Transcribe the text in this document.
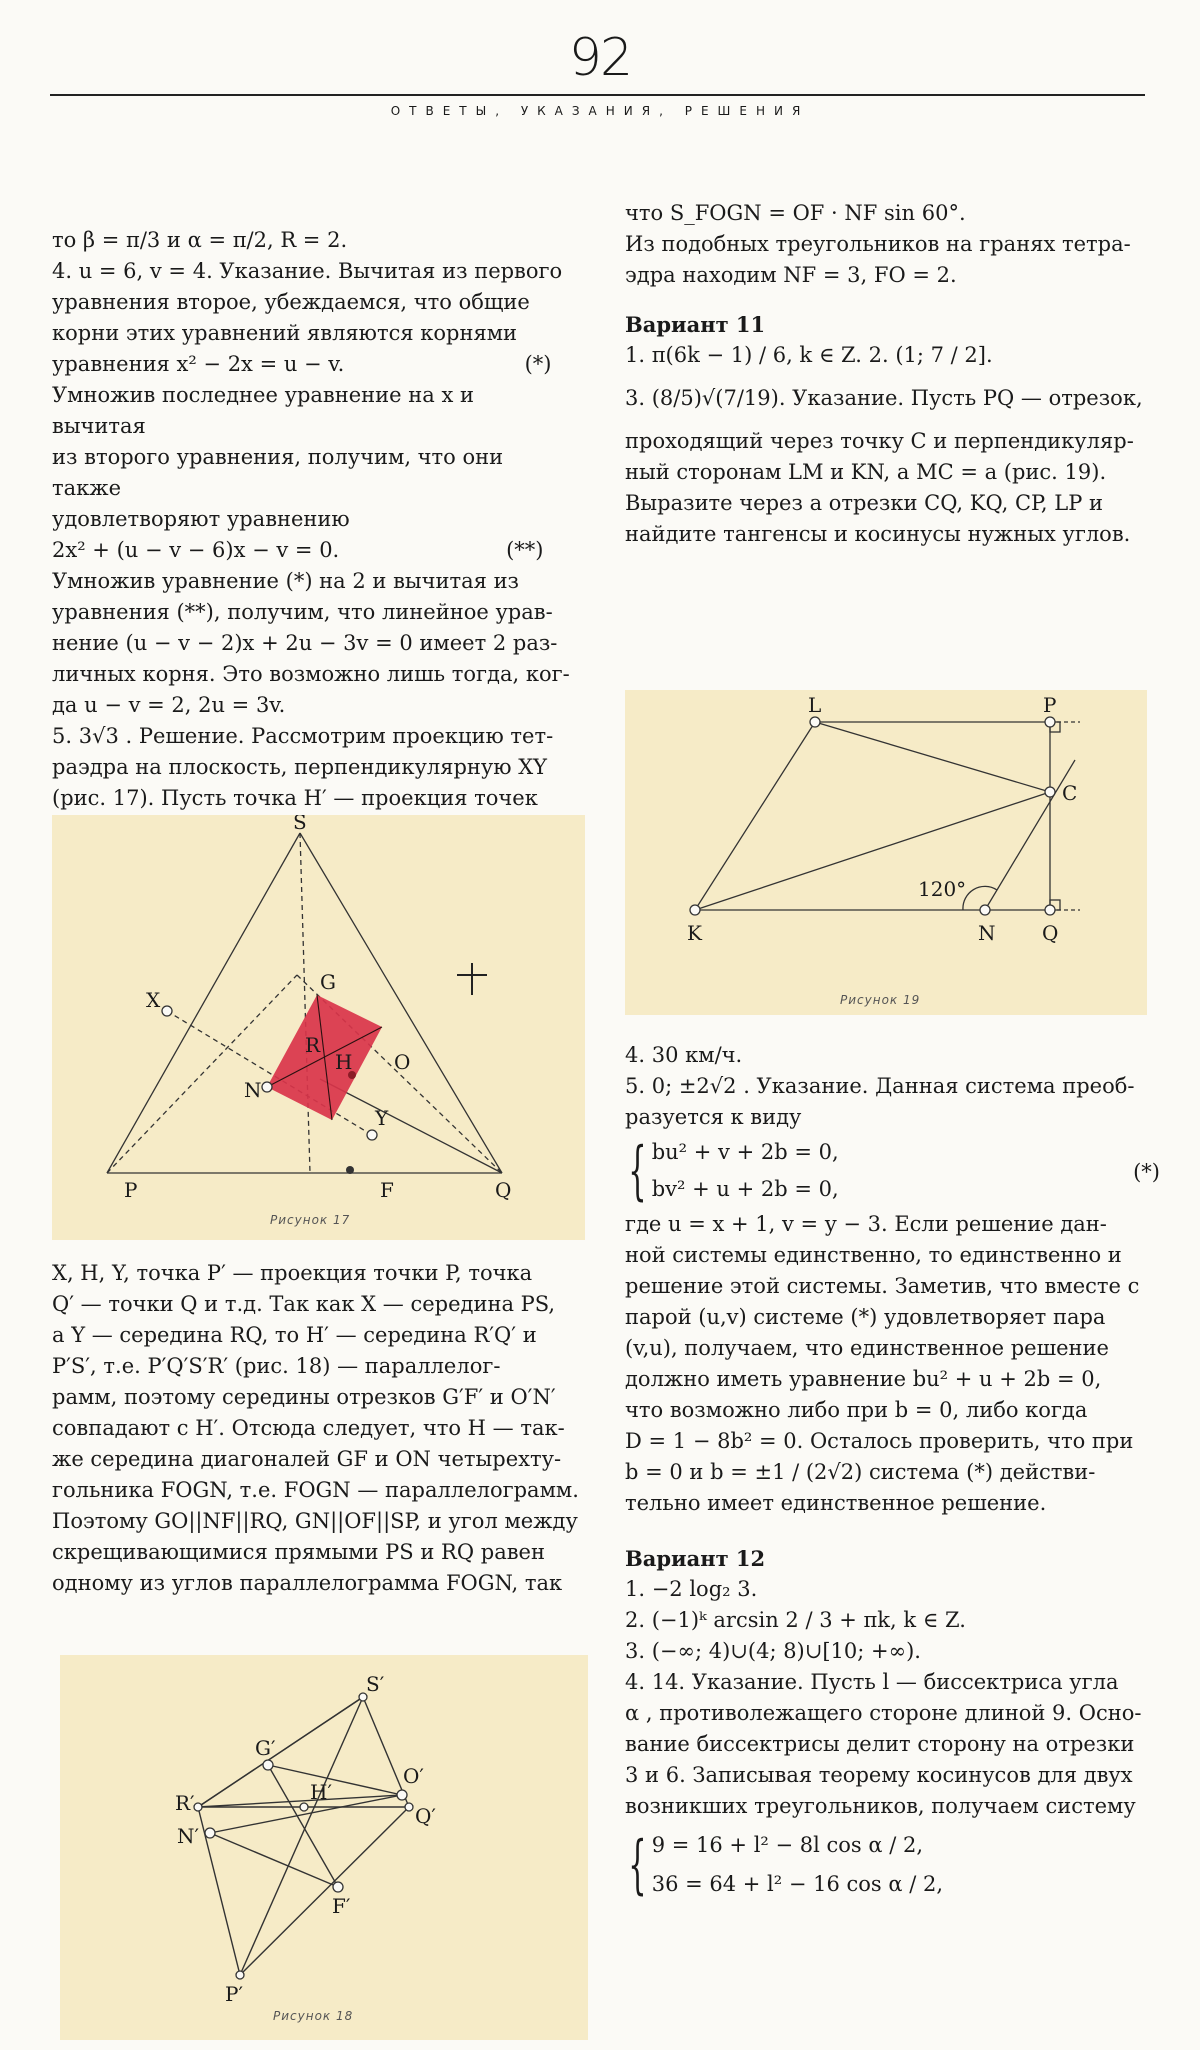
92
ОТВЕТЫ, УКАЗАНИЯ, РЕШЕНИЯ

то β = π/3 и α = π/2, R = 2.

4. u = 6, v = 4. Указание. Вычитая из первого

уравнения второе, убеждаемся, что общие

корни этих уравнений являются корнями

уравнения x² − 2x = u − v.                           (*)

Умножив последнее уравнение на x и вычитая

из второго уравнения, получим, что они также

удовлетворяют уравнению

2x² + (u − v − 6)x − v = 0.                         (**)

Умножив уравнение (*) на 2 и вычитая из

уравнения (**), получим, что линейное урав-

нение (u − v − 2)x + 2u − 3v = 0 имеет 2 раз-

личных корня. Это возможно лишь тогда, ког-

да u − v = 2, 2u = 3v.

5. 3√3 . Решение. Рассмотрим проекцию тет-

раэдра на плоскость, перпендикулярную XY

(рис. 17). Пусть точка H′ — проекция точек

S
X
G
R
H O
N
Y
P	F	Q
Рисунок 17

X, H, Y, точка P′ — проекция точки P, точка

Q′ — точки Q и т.д. Так как X — середина PS,

а Y — середина RQ, то H′ — середина R′Q′ и

P′S′, т.е. P′Q′S′R′ (рис. 18) — параллелог-

рамм, поэтому середины отрезков G′F′ и O′N′

совпадают с H′. Отсюда следует, что H — так-

же середина диагоналей GF и ON четырехту-

гольника FOGN, т.е. FOGN — параллелограмм.

Поэтому GO||NF||RQ, GN||OF||SP, и угол между

скрещивающимися прямыми PS и RQ равен

одному из углов параллелограмма FOGN, так

S′
G′
O′
R′	H′
Q′
N′
F′
P′
Рисунок 18

что S_FOGN = OF · NF sin 60°.

Из подобных треугольников на гранях тетра-

эдра находим NF = 3, FO = 2.

Вариант 11

1. π(6k − 1) / 6, k ∈ Z. 2. (1; 7 / 2].

3. (8/5)√(7/19). Указание. Пусть PQ — отрезок,

проходящий через точку C и перпендикуляр-

ный сторонам LM и KN, а MC = a (рис. 19).

Выразите через a отрезки CQ, KQ, CP, LP и

найдите тангенсы и косинусы нужных углов.

L	P
C
K	N Q
120°
Рисунок 19

4. 30 км/ч.

5. 0; ±2√2 . Указание. Данная система преоб-

разуется к виду

{ bu² + v + 2b = 0,

bv² + u + 2b = 0,

(*)

где u = x + 1, v = y − 3. Если решение дан-

ной системы единственно, то единственно и

решение этой системы. Заметив, что вместе с

парой (u,v) системе (*) удовлетворяет пара

(v,u), получаем, что единственное решение

должно иметь уравнение bu² + u + 2b = 0,

что возможно либо при b = 0, либо когда

D = 1 − 8b² = 0. Осталось проверить, что при

b = 0 и b = ±1 / (2√2) система (*) действи-

тельно имеет единственное решение.

Вариант 12

1. −2 log₂ 3.

2. (−1)ᵏ arcsin 2 / 3 + πk, k ∈ Z.

3. (−∞; 4)∪(4; 8)∪[10; +∞).

4. 14. Указание. Пусть l — биссектриса угла

α , противолежащего стороне длиной 9. Осно-

вание биссектрисы делит сторону на отрезки

3 и 6. Записывая теорему косинусов для двух

возникших треугольников, получаем систему

{ 9 = 16 + l² − 8l cos α / 2,

36 = 64 + l² − 16 cos α / 2,
